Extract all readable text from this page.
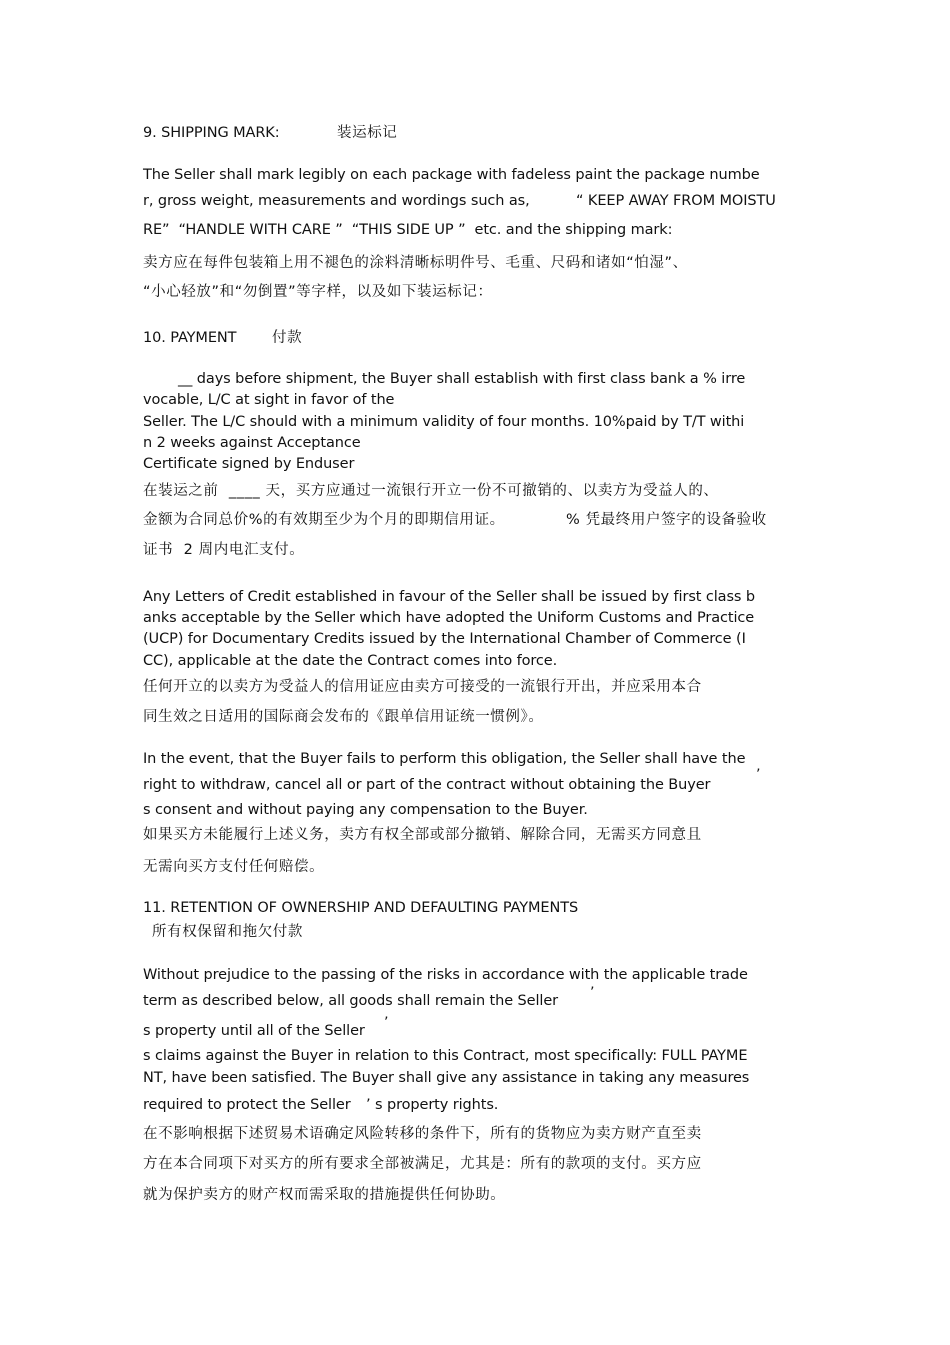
9. SHIPPING MARK:	装运标记
The Seller shall mark legibly on each package with fadeless paint the package numbe
r, gross weight, measurements and wordings such as,	“ KEEP AWAY FROM MOISTU
RE”  “HANDLE WITH CARE ”  “THIS SIDE UP ”  etc. and the shipping mark:
卖方应在每件包装箱上用不褪色的涂料清晰标明件号、毛重、尺码和诸如“怕湿”、
“小心轻放”和“勿倒置”等字样，以及如下装运标记：
10. PAYMENT 付款
__ days before shipment, the Buyer shall establish with first class bank a % irre
vocable, L/C at sight in favor of the
Seller. The L/C should with a minimum validity of four months. 10%paid by T/T withi
n 2 weeks against Acceptance
Certificate signed by Enduser
在装运之前  ____ 天，买方应通过一流银行开立一份不可撤销的、以卖方为受益人的、
金额为合同总价%的有效期至少为个月的即期信用证。	% 凭最终用户签字的设备验收
证书  2 周内电汇支付。
Any Letters of Credit established in favour of the Seller shall be issued by first class b
anks acceptable by the Seller which have adopted the Uniform Customs and Practice
(UCP) for Documentary Credits issued by the International Chamber of Commerce (I
CC), applicable at the date the Contract comes into force.
任何开立的以卖方为受益人的信用证应由卖方可接受的一流银行开出，并应采用本合
同生效之日适用的国际商会发布的《跟单信用证统一惯例》。
In the event, that the Buyer fails to perform this obligation, the Seller shall have the
right to withdraw, cancel all or part of the contract without obtaining the Buyer
’
s consent and without paying any compensation to the Buyer.
如果买方未能履行上述义务，卖方有权全部或部分撤销、解除合同，无需买方同意且
无需向买方支付任何赔偿。
11. RETENTION OF OWNERSHIP AND DEFAULTING PAYMENTS
所有权保留和拖欠付款
Without prejudice to the passing of the risks in accordance with the applicable trade
term as described below, all goods shall remain the Seller ’
s property until all of the Seller ’
s claims against the Buyer in relation to this Contract, most specifically: FULL PAYME
NT, have been satisfied. The Buyer shall give any assistance in taking any measures
required to protect the Seller ’ s property rights.
在不影响根据下述贸易术语确定风险转移的条件下，所有的货物应为卖方财产直至卖
方在本合同项下对买方的所有要求全部被满足，尤其是：所有的款项的支付。买方应
就为保护卖方的财产权而需采取的措施提供任何协助。
